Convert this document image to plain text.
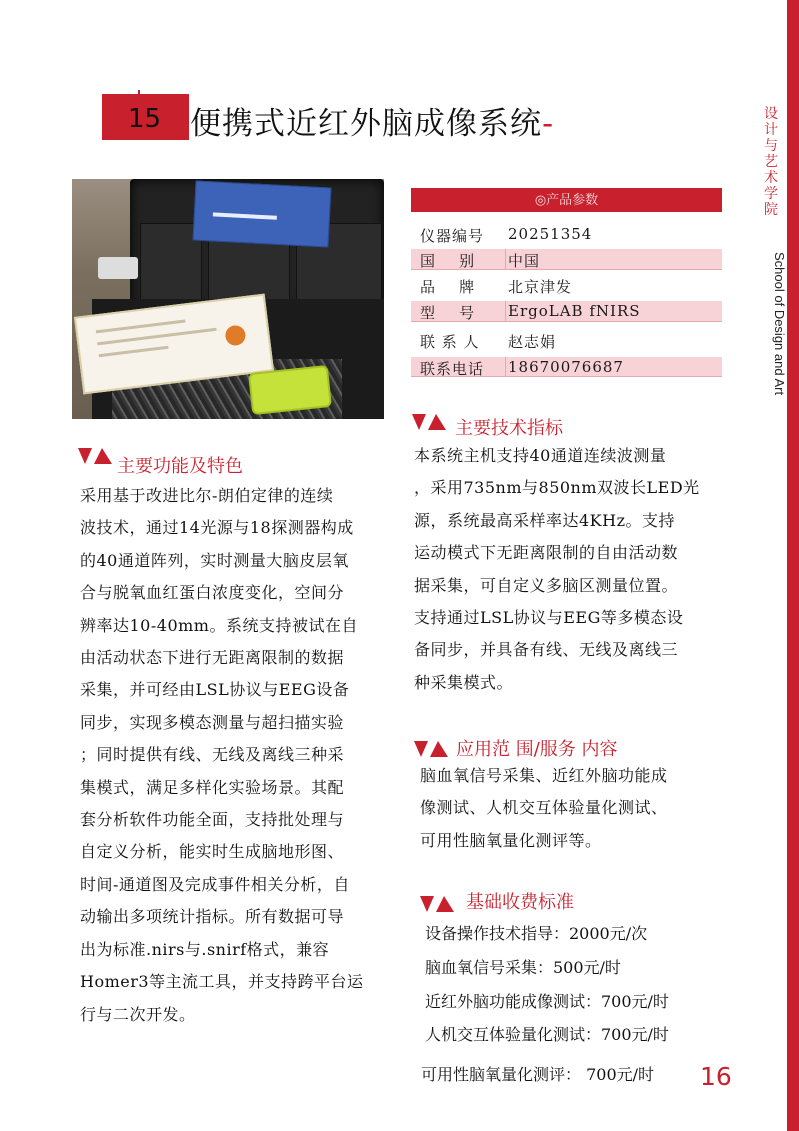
设计与艺术学院
School of Design and Art
15 便携式近红外脑成像系统-
◎产品参数
仪器编号	20251354
国    别	中国
品    牌	北京津发
型    号	ErgoLAB fNIRS
联 系 人	赵志娟
联系电话	18670076687
主要功能及特色
采用基于改进比尔-朗伯定律的连续
波技术，通过14光源与18探测器构成
的40通道阵列，实时测量大脑皮层氧
合与脱氧血红蛋白浓度变化，空间分
辨率达10-40mm。系统支持被试在自
由活动状态下进行无距离限制的数据
采集，并可经由LSL协议与EEG设备
同步，实现多模态测量与超扫描实验
；同时提供有线、无线及离线三种采
集模式，满足多样化实验场景。其配
套分析软件功能全面，支持批处理与
自定义分析，能实时生成脑地形图、
时间-通道图及完成事件相关分析，自
动输出多项统计指标。所有数据可导
出为标准.nirs与.snirf格式，兼容
Homer3等主流工具，并支持跨平台运
行与二次开发。
主要技术指标
本系统主机支持40通道连续波测量
，采用735nm与850nm双波长LED光
源，系统最高采样率达4KHz。支持
运动模式下无距离限制的自由活动数
据采集，可自定义多脑区测量位置。
支持通过LSL协议与EEG等多模态设
备同步，并具备有线、无线及离线三
种采集模式。
应用范 围/服务 内容
脑血氧信号采集、近红外脑功能成
像测试、人机交互体验量化测试、
可用性脑氧量化测评等。
基础收费标准
设备操作技术指导：2000元/次
脑血氧信号采集：500元/时
近红外脑功能成像测试：700元/时
人机交互体验量化测试：700元/时
可用性脑氧量化测评： 700元/时 16
